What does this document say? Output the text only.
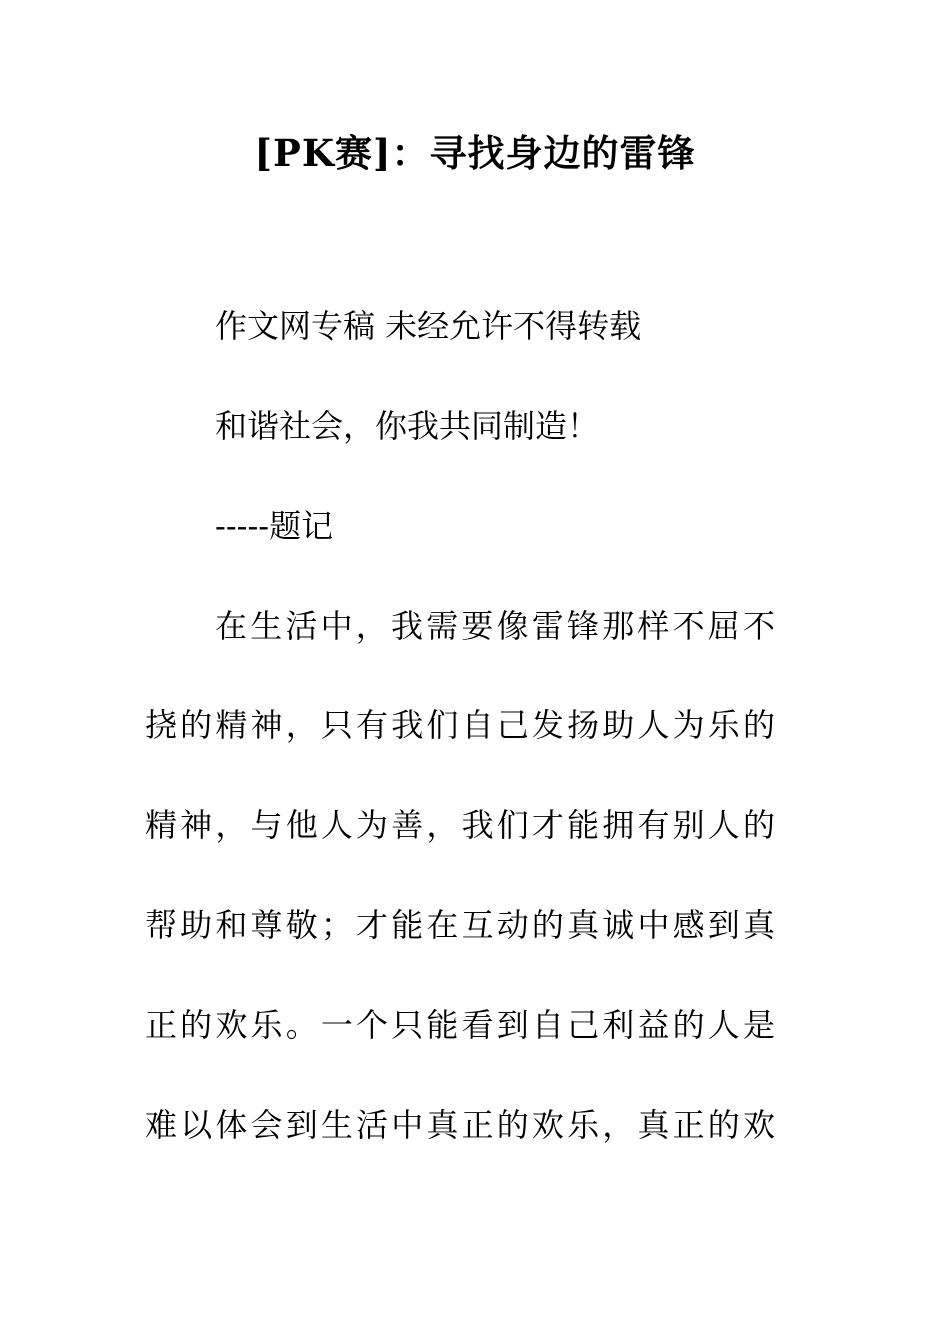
[PK赛]：寻找身边的雷锋
作文网专稿 未经允许不得转载
和谐社会，你我共同制造！
-----题记
在生活中，我需要像雷锋那样不屈不
挠的精神，只有我们自己发扬助人为乐的
精神，与他人为善，我们才能拥有别人的
帮助和尊敬；才能在互动的真诚中感到真
正的欢乐。一个只能看到自己利益的人是
难以体会到生活中真正的欢乐，真正的欢
